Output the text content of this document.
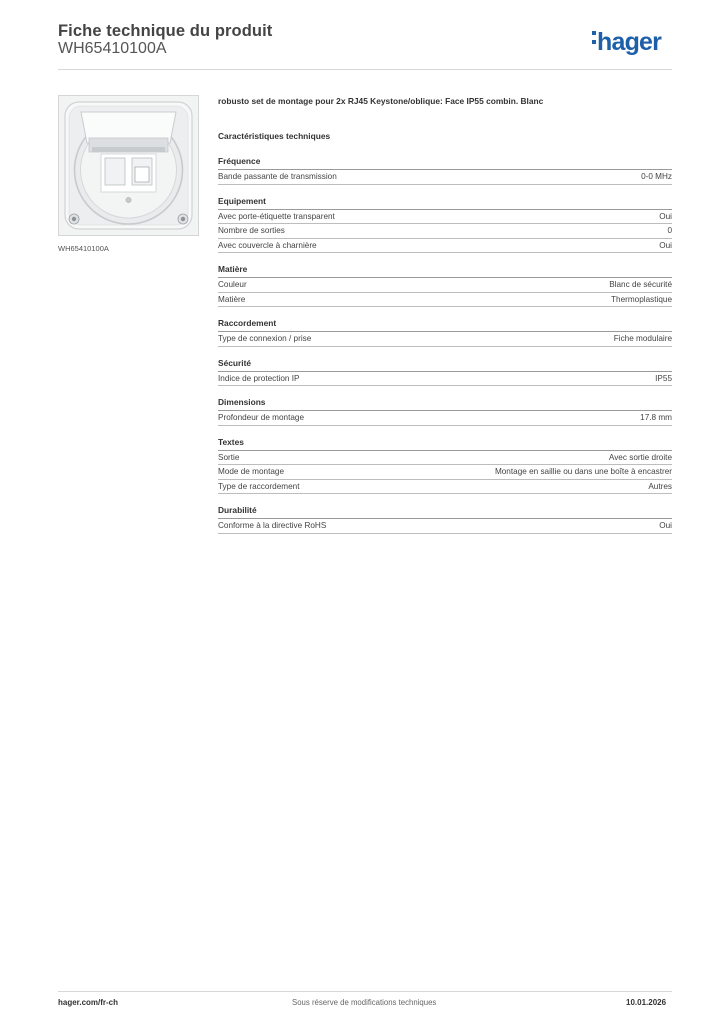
Fiche technique du produit
WH65410100A	hager
WH65410100A
robusto set de montage pour 2x RJ45 Keystone/oblique: Face IP55 combin. Blanc
Caractéristiques techniques
Fréquence
Bande passante de transmission	0-0 MHz
Equipement
Avec porte-étiquette transparent	Oui
Nombre de sorties	0
Avec couvercle à charnière	Oui
Matière
Couleur	Blanc de sécurité
Matière	Thermoplastique
Raccordement
Type de connexion / prise	Fiche modulaire
Sécurité
Indice de protection IP	IP55
Dimensions
Profondeur de montage	17.8 mm
Textes
Sortie	Avec sortie droite
Mode de montage	Montage en saillie ou dans une boîte à encastrer
Type de raccordement	Autres
Durabilité
Conforme à la directive RoHS	Oui
hager.com/fr-ch	Sous réserve de modifications techniques	10.01.2026
